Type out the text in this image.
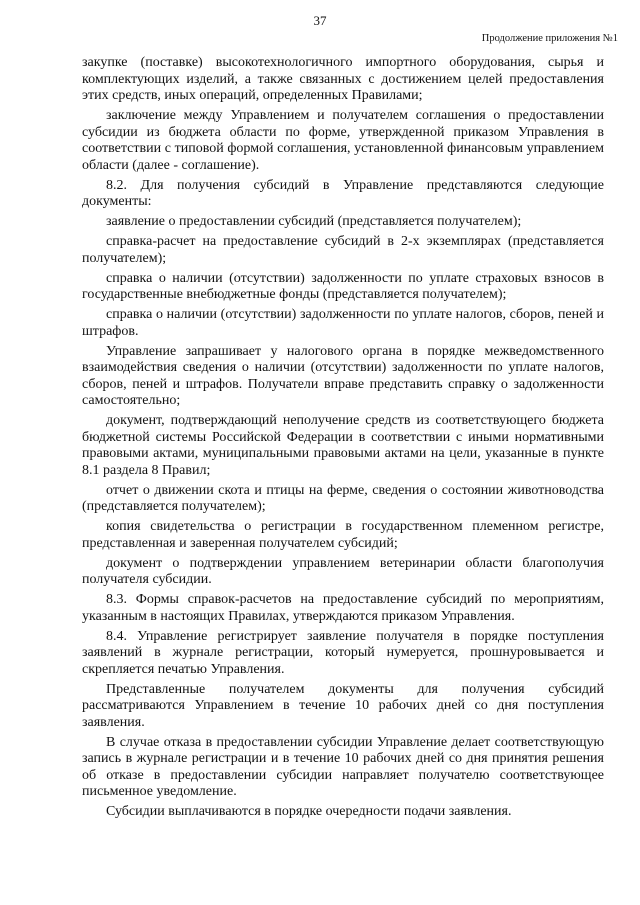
37
Продолжение приложения №1

закупке (поставке) высокотехнологичного импортного оборудования, сырья и комплектующих изделий, а также связанных с достижением целей предоставления этих средств, иных операций, определенных Правилами;

заключение между Управлением и получателем соглашения о предоставлении субсидии из бюджета области по форме, утвержденной приказом Управления в соответствии с типовой формой соглашения, установленной финансовым управлением области (далее - соглашение).

8.2. Для получения субсидий в Управление представляются следующие документы:

заявление о предоставлении субсидий (представляется получателем);

справка-расчет на предоставление субсидий в 2-х экземплярах (представляется получателем);

справка о наличии (отсутствии) задолженности по уплате страховых взносов в государственные внебюджетные фонды (представляется получателем);

справка о наличии (отсутствии) задолженности по уплате налогов, сборов, пеней и штрафов.

Управление запрашивает у налогового органа в порядке межведомственного взаимодействия сведения о наличии (отсутствии) задолженности по уплате налогов, сборов, пеней и штрафов. Получатели вправе представить справку о задолженности самостоятельно;

документ, подтверждающий неполучение средств из соответствующего бюджета бюджетной системы Российской Федерации в соответствии с иными нормативными правовыми актами, муниципальными правовыми актами на цели, указанные в пункте 8.1 раздела 8 Правил;

отчет о движении скота и птицы на ферме, сведения о состоянии животноводства (представляется получателем);

копия свидетельства о регистрации в государственном племенном регистре, представленная и заверенная получателем субсидий;

документ о подтверждении управлением ветеринарии области благополучия получателя субсидии.

8.3. Формы справок-расчетов на предоставление субсидий по мероприятиям, указанным в настоящих Правилах, утверждаются приказом Управления.

8.4. Управление регистрирует заявление получателя в порядке поступления заявлений в журнале регистрации, который нумеруется, прошнуровывается и скрепляется печатью Управления.

Представленные получателем документы для получения субсидий рассматриваются Управлением в течение 10 рабочих дней со дня поступления заявления.

В случае отказа в предоставлении субсидии Управление делает соответствующую запись в журнале регистрации и в течение 10 рабочих дней со дня принятия решения об отказе в предоставлении субсидии направляет получателю соответствующее письменное уведомление.

Субсидии выплачиваются в порядке очередности подачи заявления.
